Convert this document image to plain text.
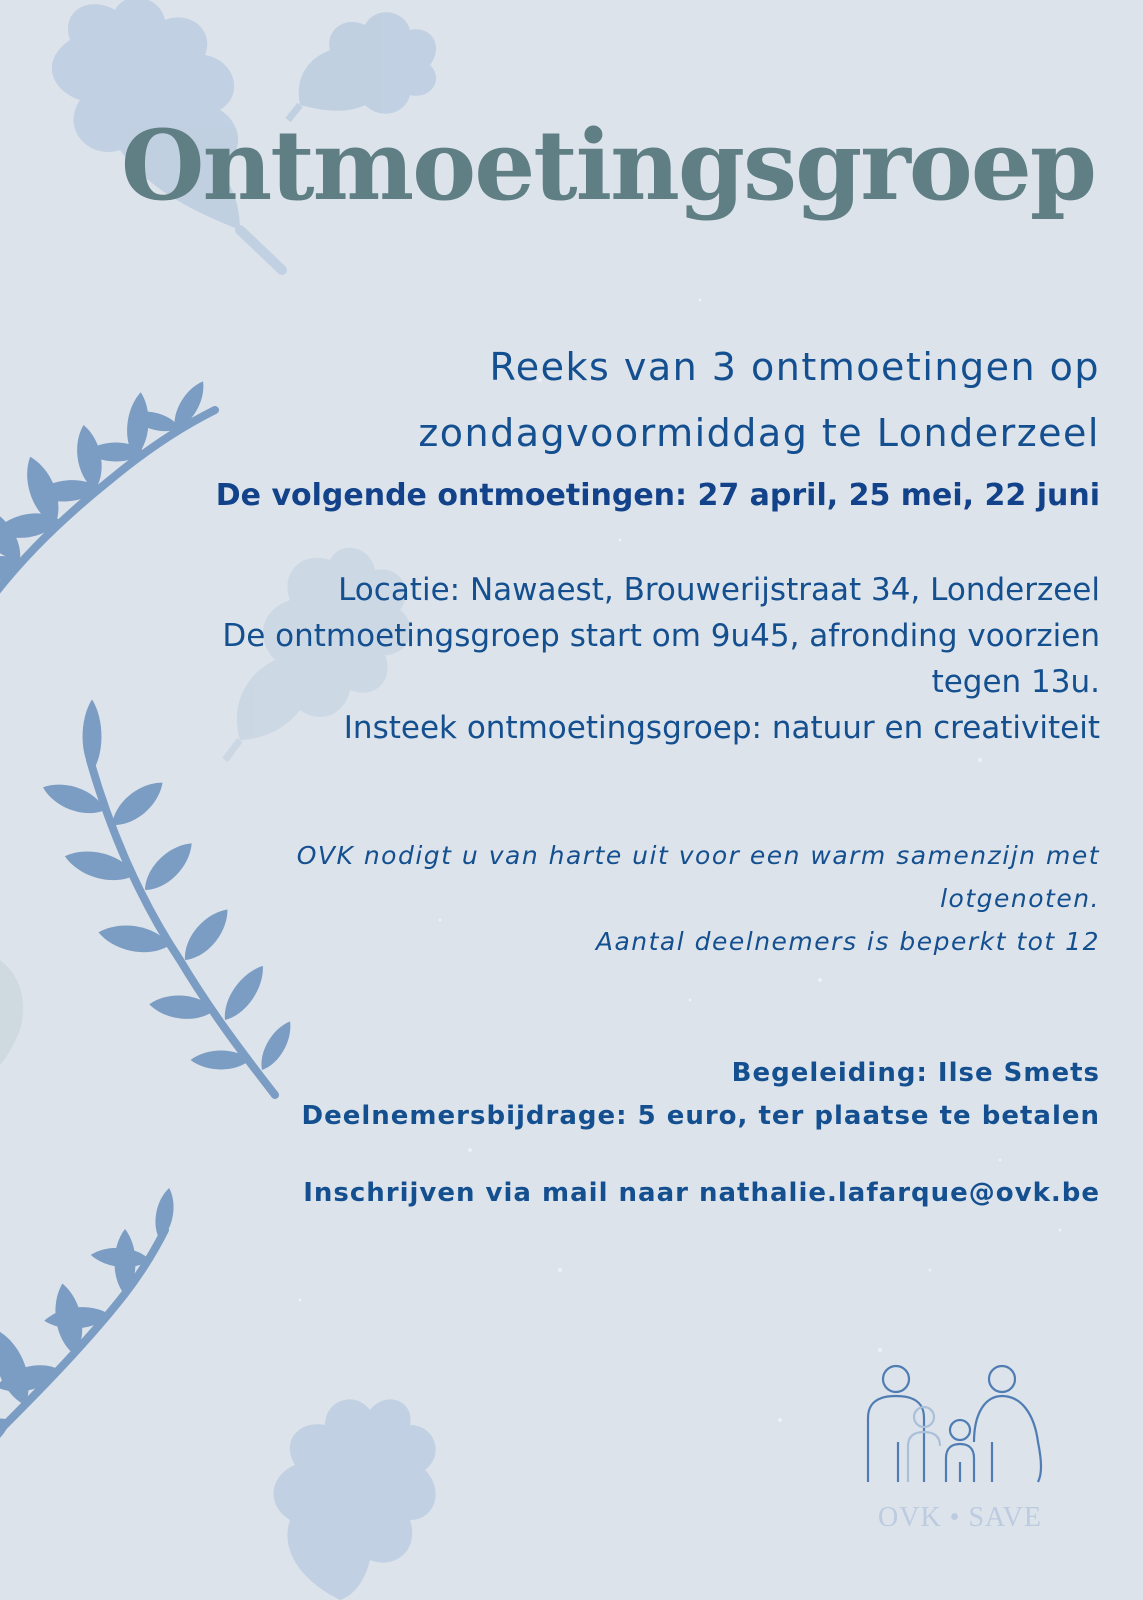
Ontmoetingsgroep
Reeks van 3 ontmoetingen op
zondagvoormiddag te Londerzeel
De volgende ontmoetingen: 27 april, 25 mei, 22 juni
Locatie: Nawaest, Brouwerijstraat 34, Londerzeel
De ontmoetingsgroep start om 9u45, afronding voorzien
tegen 13u.
Insteek ontmoetingsgroep: natuur en creativiteit
OVK nodigt u van harte uit voor een warm samenzijn met
lotgenoten.
Aantal deelnemers is beperkt tot 12
Begeleiding: Ilse Smets
Deelnemersbijdrage: 5 euro, ter plaatse te betalen
Inschrijven via mail naar nathalie.lafarque@ovk.be
OVK • SAVE
